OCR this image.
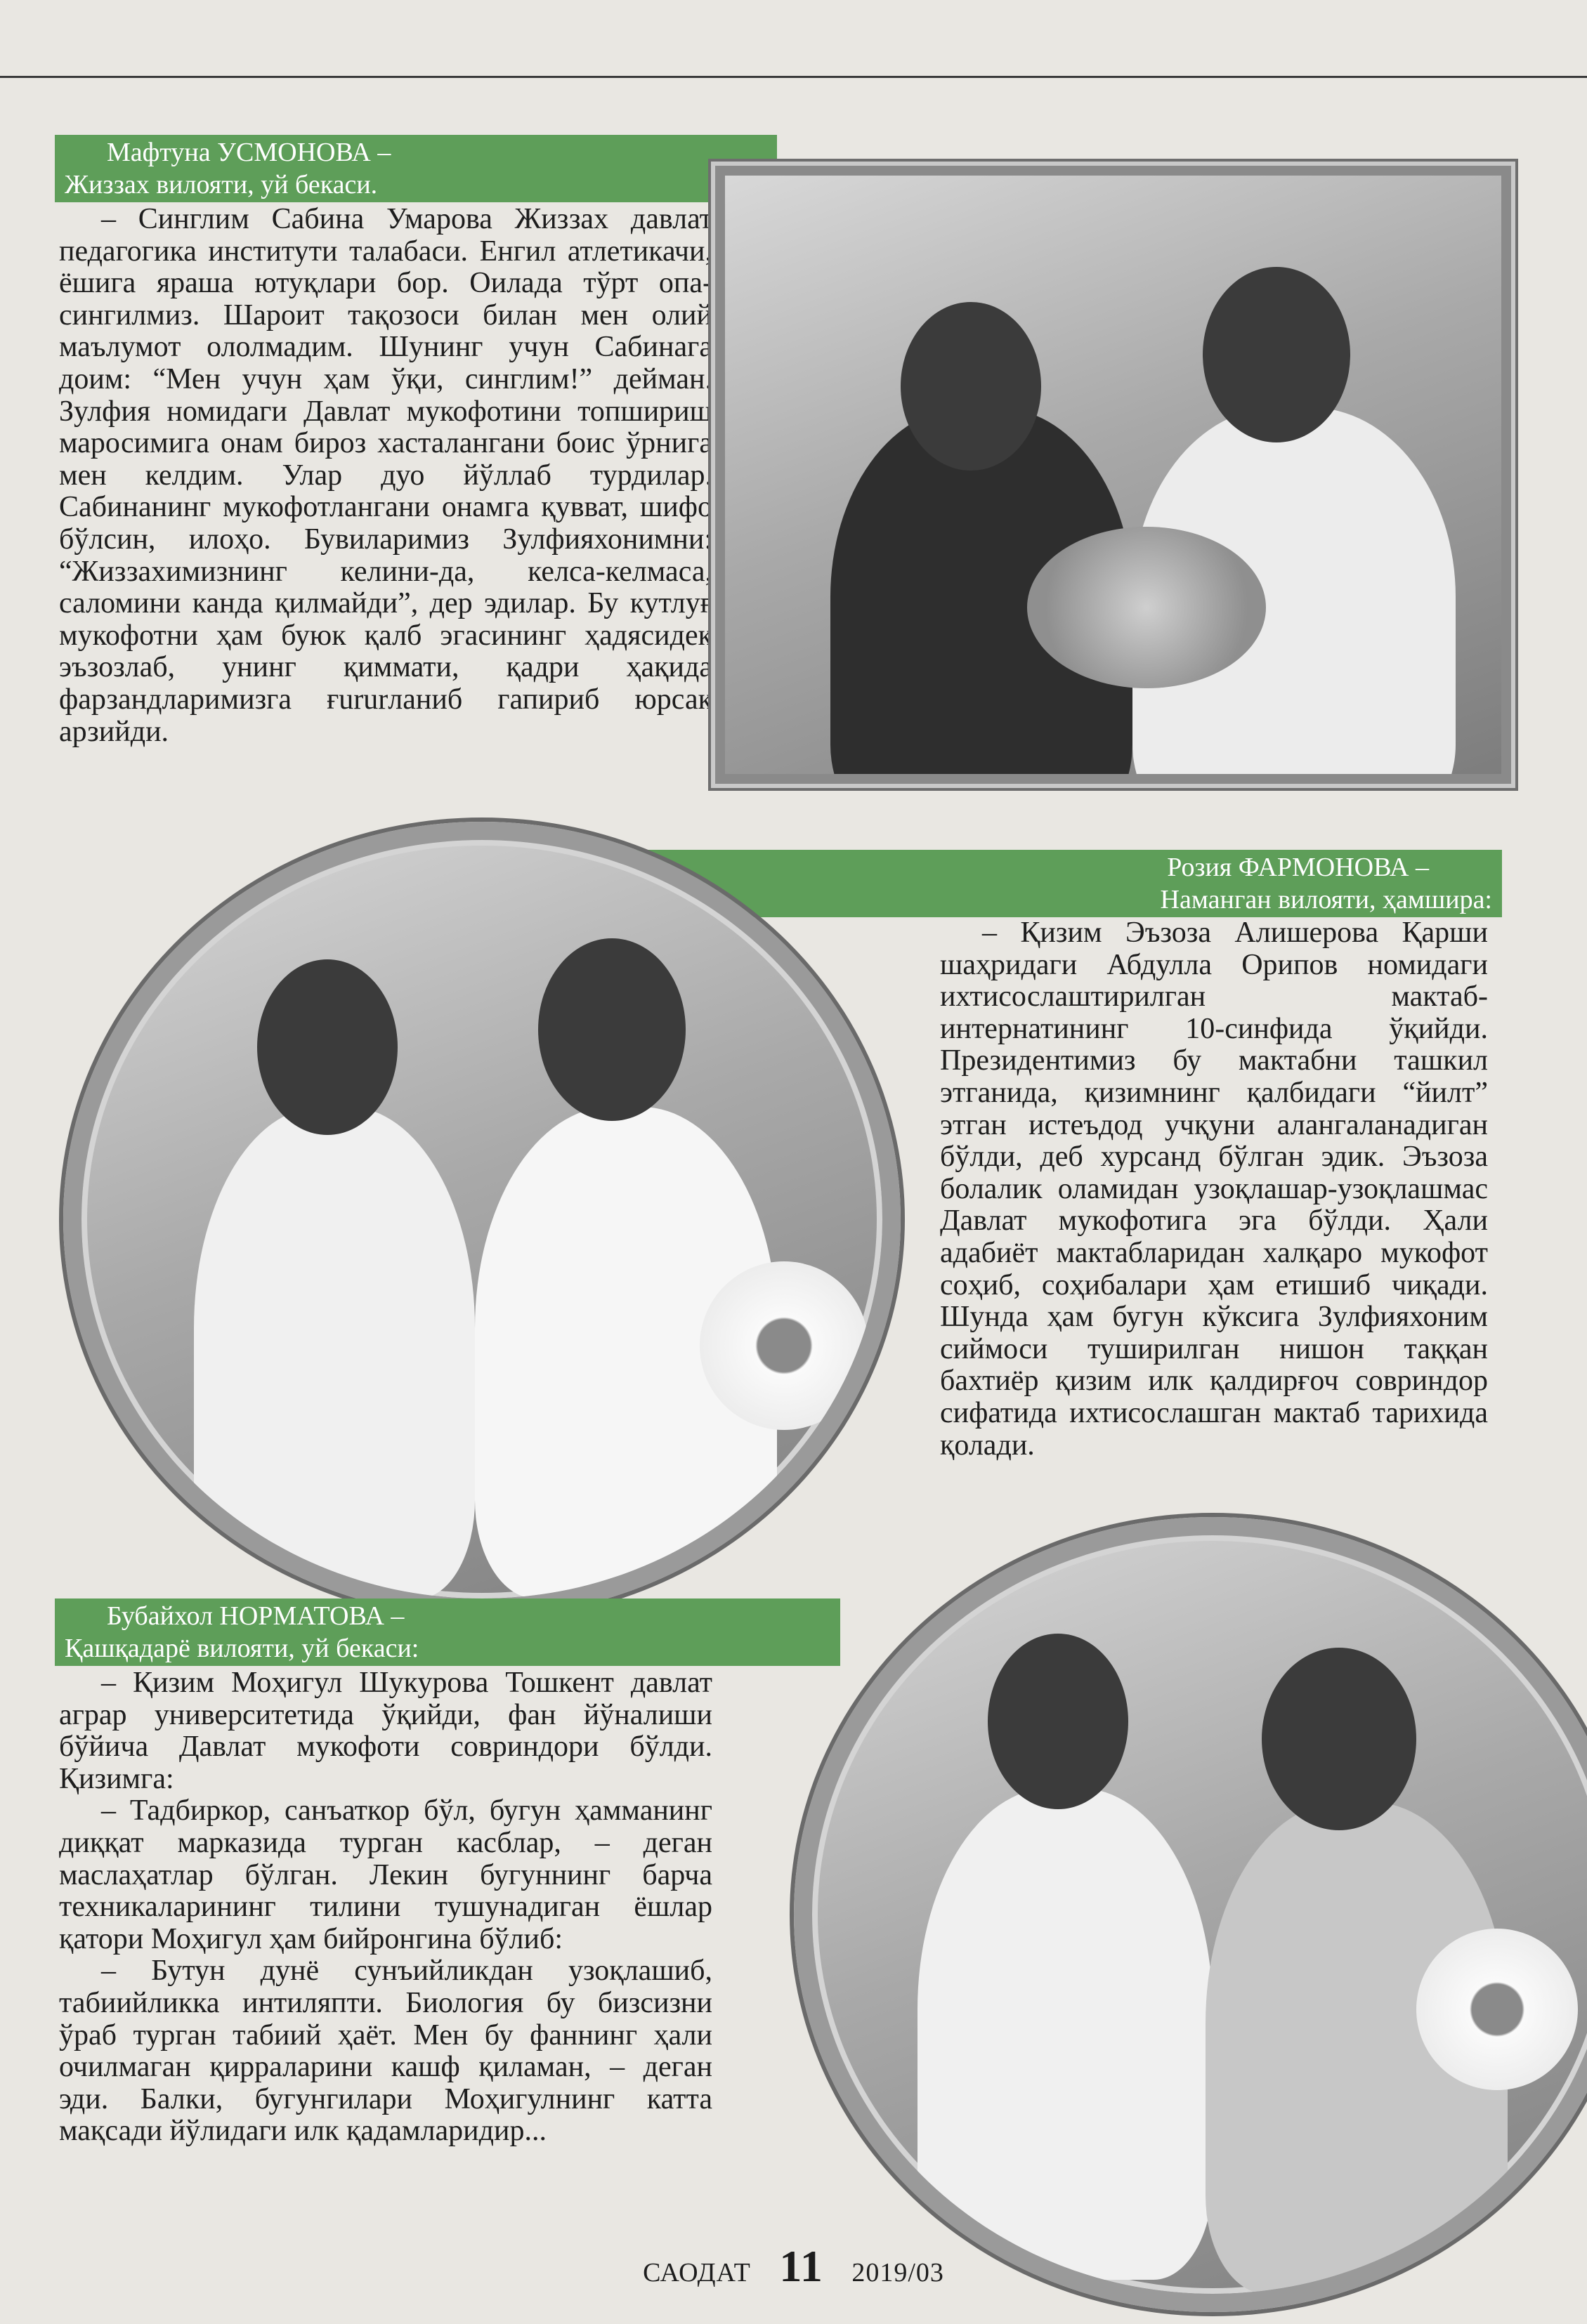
Мафтуна УСМОНОВА –
Жиззах вилояти, уй бекаси.

– Синглим Сабина Умарова Жиззах давлат педагогика институти талабаси. Енгил атлетикачи, ёшига яраша ютуқлари бор. Оилада тўрт опа-сингилмиз. Шароит тақозоси билан мен олий маълумот ололмадим. Шунинг учун Сабинага доим: “Мен учун ҳам ўқи, синглим!” дейман. Зулфия номидаги Давлат мукофотини топшириш маросимига онам бироз хасталангани боис ўрнига мен келдим. Улар дуо йўллаб турдилар. Сабинанинг мукофотлангани онамга қувват, шифо бўлсин, илоҳо. Бувиларимиз Зулфияхонимни: “Жиззахимизнинг келини-да, келса-келмаса, саломини канда қилмайди”, дер эдилар. Бу кутлуғ мукофотни ҳам буюк қалб эгасининг ҳадясидек эъзозлаб, унинг қиммати, қадри ҳақида фарзандларимизга ғururланиб гапириб юрсак арзийди.

Розия ФАРМОНОВА –
Наманган вилояти, ҳамшира:

– Қизим Эъзоза Алишерова Қарши шаҳридаги Абдулла Орипов номидаги ихтисослаштирилган мактаб-интернатининг 10-синфида ўқийди. Президентимиз бу мактабни ташкил этганида, қизимнинг қалбидаги “йилт” этган истеъдод учқуни алангаланадиган бўлди, деб хурсанд бўлган эдик. Эъзоза болалик оламидан узоқлашар-узоқлашмас Давлат мукофотига эга бўлди. Ҳали адабиёт мактабларидан халқаро мукофот соҳиб, соҳибалари ҳам етишиб чиқади. Шунда ҳам бугун кўксига Зулфияхоним сиймоси туширилган нишон таққан бахтиёр қизим илк қалдирғоч совриндор сифатида ихтисослашган мактаб тарихида қолади.

Бубайхол НОРМАТОВА –
Қашқадарё вилояти, уй бекаси:

– Қизим Моҳигул Шукурова Тошкент давлат аграр университетида ўқийди, фан йўналиши бўйича Давлат мукофоти совриндори бўлди. Қизимга:

– Тадбиркор, санъаткор бўл, бугун ҳамманинг диққат марказида турган касблар, – деган маслаҳатлар бўлган. Лекин бугуннинг барча техникаларининг тилини тушунадиган ёшлар қатори Моҳигул ҳам бийронгина бўлиб:

– Бутун дунё сунъийликдан узоқлашиб, табиийликка интиляпти. Биология бу бизсизни ўраб турган табиий ҳаёт. Мен бу фаннинг ҳали очилмаган қирраларини кашф қиламан, – деган эди. Балки, бугунгилари Моҳигулнинг катта мақсади йўлидаги илк қадамларидир...

САОДАТ 11 2019/03
